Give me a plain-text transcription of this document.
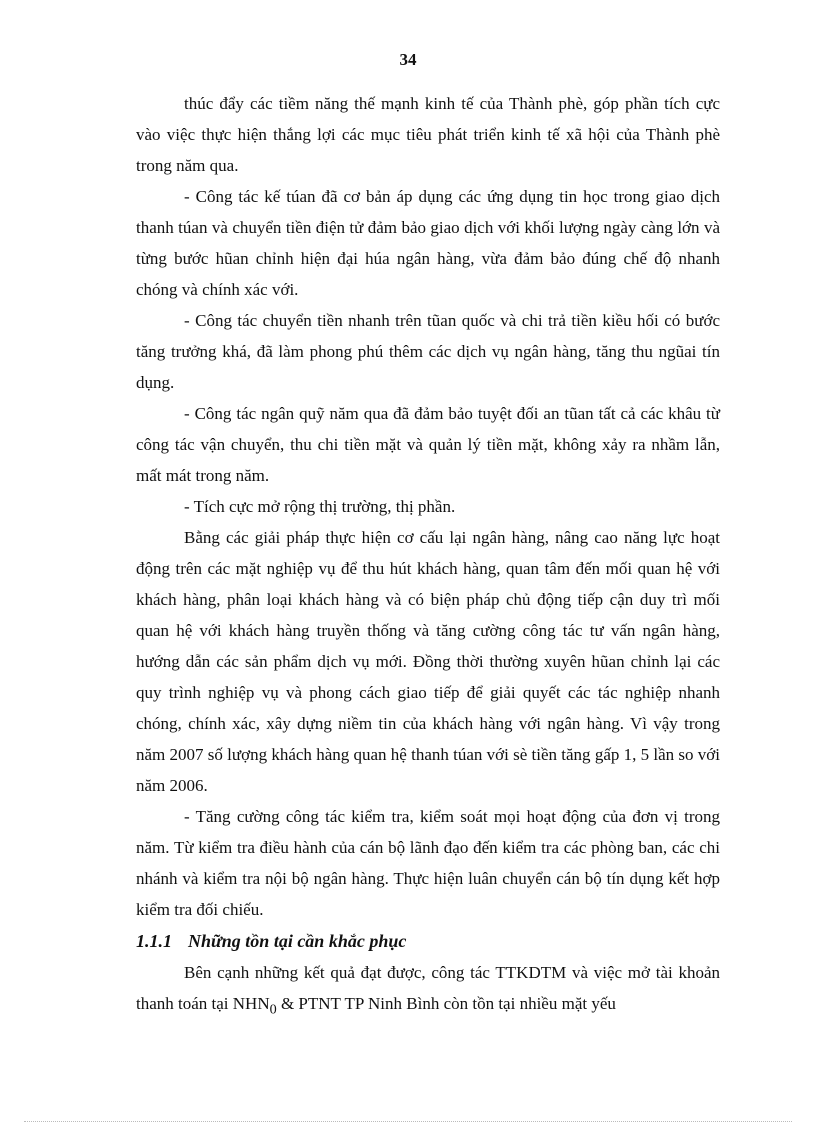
34

thúc đẩy các tiềm năng thế mạnh kinh tế của Thành phè, góp phần tích cực vào việc thực hiện thắng lợi các mục tiêu phát triển kinh tế xã hội của Thành phè trong năm qua.

- Công tác kế túan đã cơ bản áp dụng các ứng dụng tin học trong giao dịch thanh túan và chuyển tiền điện tử đảm bảo giao dịch với khối lượng ngày càng lớn và từng bước hũan chỉnh hiện đại húa ngân hàng, vừa đảm bảo đúng chế độ nhanh chóng và chính xác với.

- Công tác chuyển tiền nhanh trên tũan quốc và chi trả tiền kiều hối có bước tăng trưởng khá, đã làm phong phú thêm các dịch vụ ngân hàng, tăng thu ngũai tín dụng.

- Công tác ngân quỹ năm qua đã đảm bảo tuyệt đối an tũan tất cả các khâu từ công tác vận chuyển, thu chi tiền mặt và quản lý tiền mặt, không xảy ra nhầm lẫn, mất mát trong năm.

- Tích cực mở rộng thị trường, thị phần.

Bằng các giải pháp thực hiện cơ cấu lại ngân hàng, nâng cao năng lực hoạt động trên các mặt nghiệp vụ để thu hút khách hàng, quan tâm đến mối quan hệ với khách hàng, phân loại khách hàng và có biện pháp chủ động tiếp cận duy trì mối quan hệ với khách hàng truyền thống và tăng cường công tác tư vấn ngân hàng, hướng dẫn các sản phẩm dịch vụ mới. Đồng thời thường xuyên hũan chỉnh lại các quy trình nghiệp vụ và phong cách giao tiếp để giải quyết các tác nghiệp nhanh chóng, chính xác, xây dựng niềm tin của khách hàng với ngân hàng. Vì vậy trong năm 2007 số lượng khách hàng quan hệ thanh túan với sè tiền tăng gấp 1, 5 lần so với năm 2006.

- Tăng cường công tác kiểm tra, kiểm soát mọi hoạt động của đơn vị trong năm. Từ kiểm tra điều hành của cán bộ lãnh đạo đến kiểm tra các phòng ban, các chi nhánh và kiểm tra nội bộ ngân hàng. Thực hiện luân chuyển cán bộ tín dụng kết hợp kiểm tra đối chiếu.

1.1.1 Những tồn tại cần khắc phục

Bên cạnh những kết quả đạt được, công tác TTKDTM và việc mở tài khoản thanh toán tại $NHN_0$ & PTNT TP Ninh Bình còn tồn tại nhiều mặt yếu
